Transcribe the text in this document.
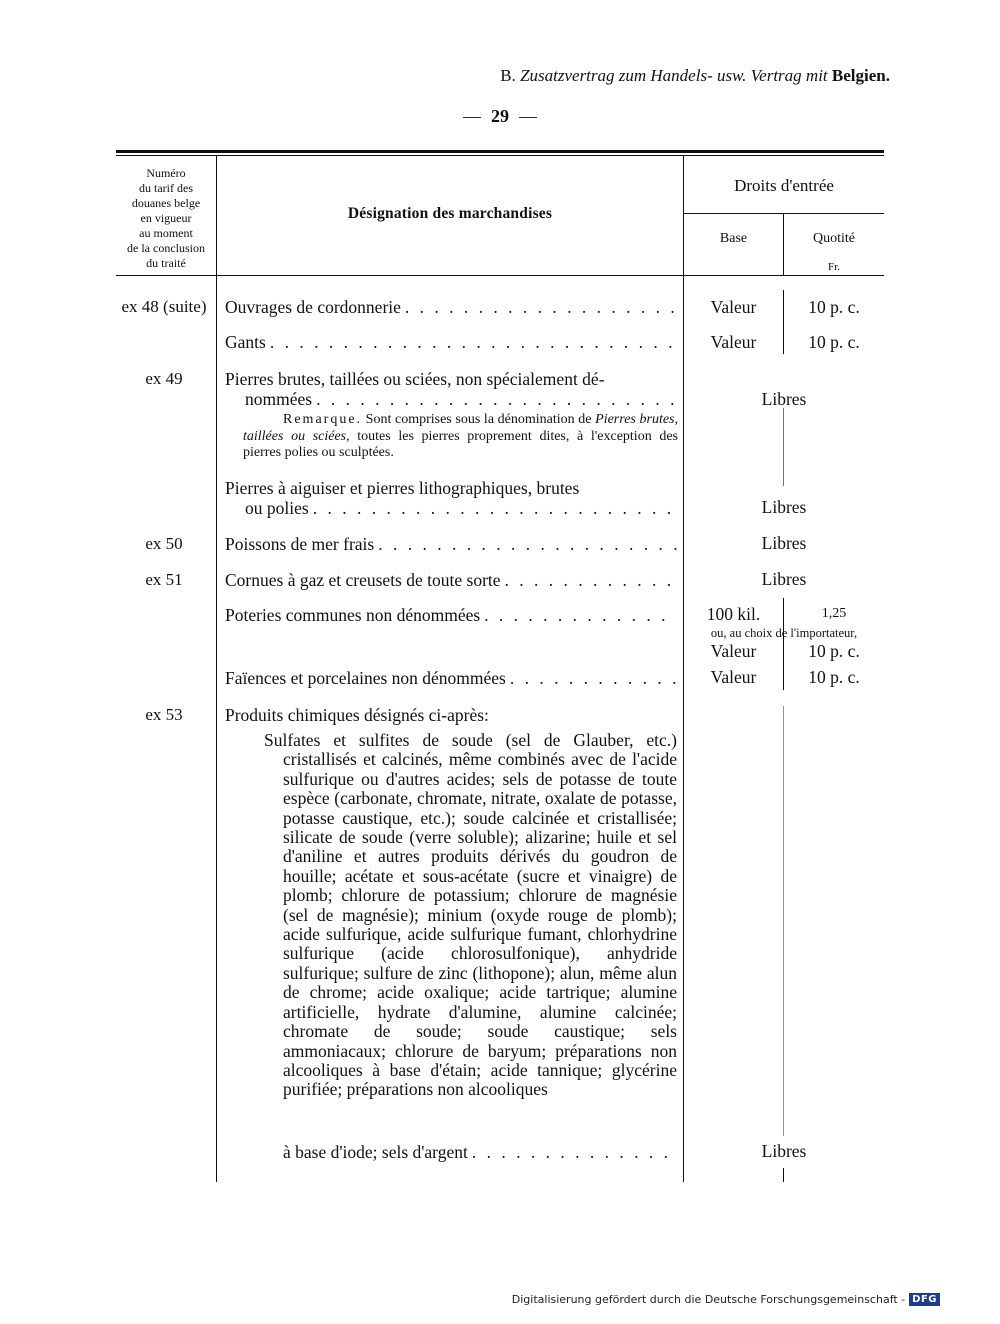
B. Zusatzvertrag zum Handels- usw. Vertrag mit Belgien.
— 29 —
Numéro
du tarif des
douanes belge
en vigueur
au moment
de la conclusion
du traité
Désignation des marchandises
Droits d'entrée
Base	Quotité
Fr.
ex 48 (suite)	Ouvrages de cordonnerie . . .	Valeur	10 p. c.
Gants . . .	Valeur	10 p. c.
ex 49	Pierres brutes, taillées ou sciées, non spécialement dé-
nommées . . .	Libres
Remarque. Sont comprises sous la dénomination de Pierres brutes, taillées ou sciées, toutes les pierres proprement dites, à l'exception des pierres polies ou sculptées.
Pierres à aiguiser et pierres lithographiques, brutes
ou polies . . .	Libres
ex 50	Poissons de mer frais . . .	Libres
ex 51	Cornues à gaz et creusets de toute sorte . . .	Libres
Poteries communes non dénommées . . .	100 kil.	1,25
ou, au choix de l'importateur,
Valeur	10 p. c.
Faïences et porcelaines non dénommées . . .	Valeur	10 p. c.
ex 53	Produits chimiques désignés ci-après:
Sulfates et sulfites de soude (sel de Glauber, etc.) cristallisés et calcinés, même combinés avec de l'acide sulfurique ou d'autres acides; sels de potasse de toute espèce (carbonate, chromate, nitrate, oxalate de potasse, potasse caustique, etc.); soude calcinée et cristallisée; silicate de soude (verre soluble); alizarine; huile et sel d'aniline et autres produits dérivés du goudron de houille; acétate et sous-acétate (sucre et vinaigre) de plomb; chlorure de potassium; chlorure de magnésie (sel de magnésie); minium (oxyde rouge de plomb); acide sulfurique, acide sulfurique fumant, chlorhydrine sulfurique (acide chlorosulfonique), anhydride sulfurique; sulfure de zinc (lithopone); alun, même alun de chrome; acide oxalique; acide tartrique; alumine artificielle, hydrate d'alumine, alumine calcinée; chromate de soude; soude caustique; sels ammoniacaux; chlorure de baryum; préparations non alcooliques à base d'étain; acide tannique; glycérine purifiée; préparations non alcooliques
à base d'iode; sels d'argent . . .	Libres
Digitalisierung gefördert durch die Deutsche Forschungsgemeinschaft - DFG
